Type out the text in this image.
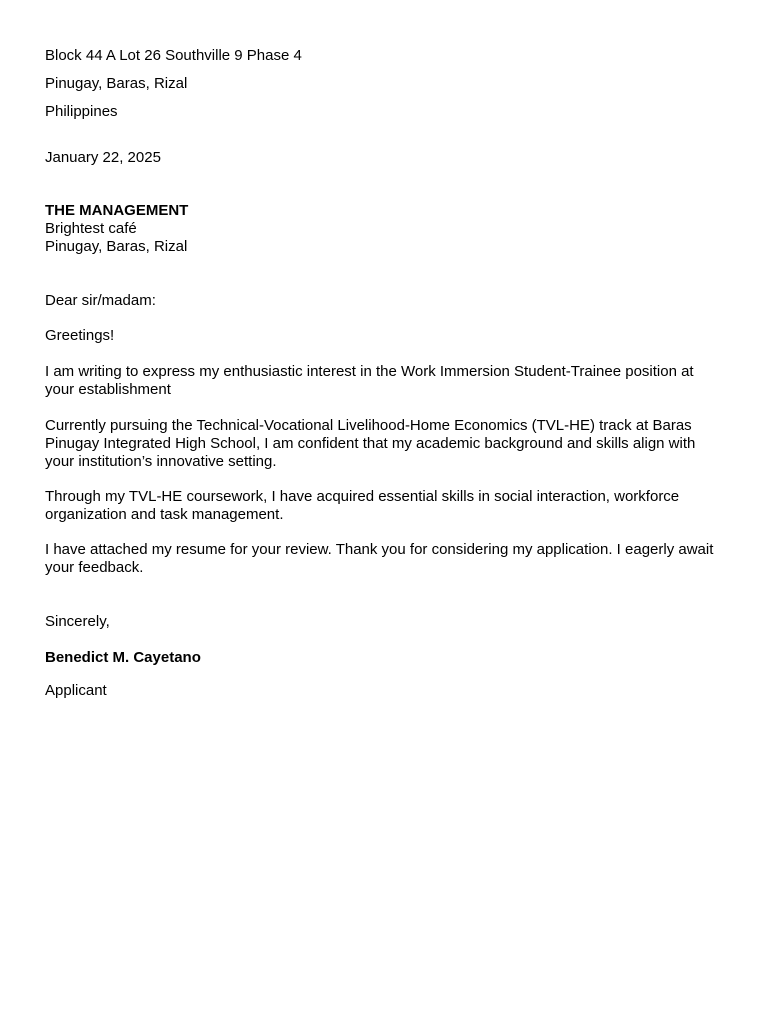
Block 44 A Lot 26 Southville 9 Phase 4

Pinugay, Baras, Rizal

Philippines

January 22, 2025

THE MANAGEMENT

Brightest café

Pinugay, Baras, Rizal

Dear sir/madam:

Greetings!

I am writing to express my enthusiastic interest in the Work Immersion Student-Trainee position at

your establishment

Currently pursuing the Technical-Vocational Livelihood-Home Economics (TVL-HE) track at Baras

Pinugay Integrated High School, I am confident that my academic background and skills align with

your institution’s innovative setting.

Through my TVL-HE coursework, I have acquired essential skills in social interaction, workforce

organization and task management.

I have attached my resume for your review. Thank you for considering my application. I eagerly await

your feedback.

Sincerely,

Benedict M. Cayetano

Applicant
